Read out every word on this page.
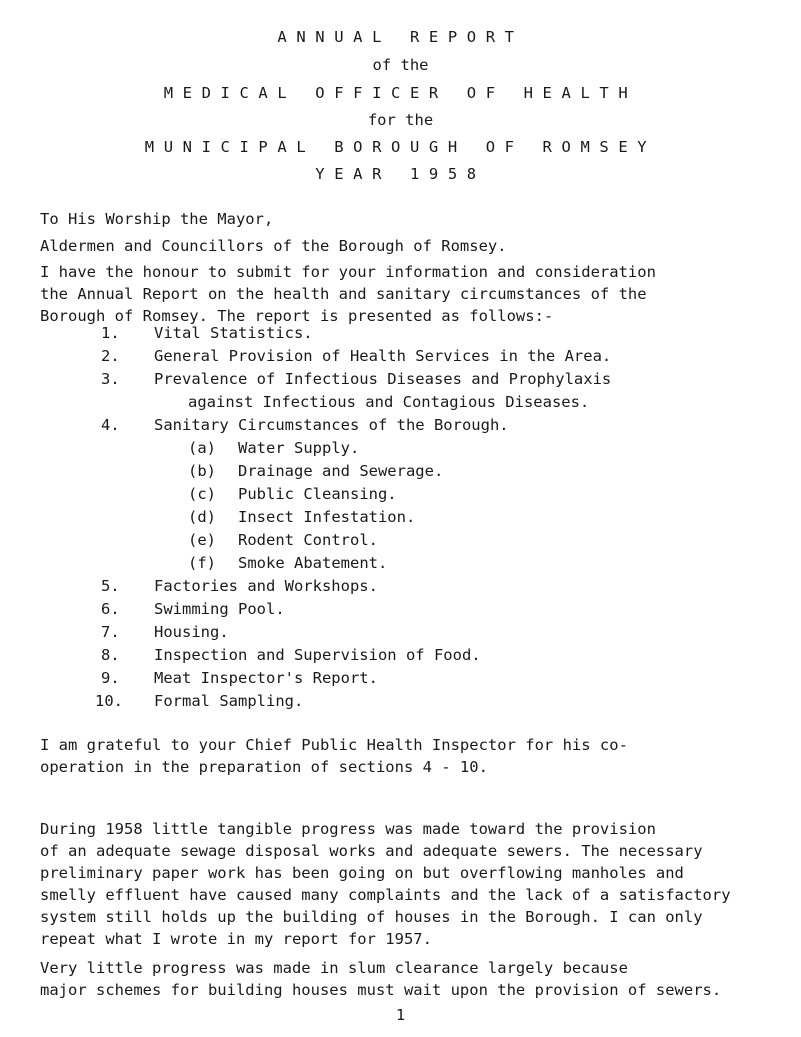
ANNUAL REPORT
of the
MEDICAL OFFICER OF HEALTH
for the
MUNICIPAL BOROUGH OF ROMSEY
YEAR 1958
To His Worship the Mayor,
Aldermen and Councillors of the Borough of Romsey.

I have the honour to submit for your information and consideration
the Annual Report on the health and sanitary circumstances of the
Borough of Romsey. The report is presented as follows:-

1.	Vital Statistics.
2.	General Provision of Health Services in the Area.
3.	Prevalence of Infectious Diseases and Prophylaxis
against Infectious and Contagious Diseases.
4.	Sanitary Circumstances of the Borough.
(a) Water Supply.
(b) Drainage and Sewerage.
(c) Public Cleansing.
(d) Insect Infestation.
(e) Rodent Control.
(f) Smoke Abatement.
5.	Factories and Workshops.
6.	Swimming Pool.
7.	Housing.
8.	Inspection and Supervision of Food.
9.	Meat Inspector's Report.
10.	Formal Sampling.

I am grateful to your Chief Public Health Inspector for his co-
operation in the preparation of sections 4 - 10.

During 1958 little tangible progress was made toward the provision
of an adequate sewage disposal works and adequate sewers. The necessary
preliminary paper work has been going on but overflowing manholes and
smelly effluent have caused many complaints and the lack of a satisfactory
system still holds up the building of houses in the Borough. I can only
repeat what I wrote in my report for 1957.

Very little progress was made in slum clearance largely because
major schemes for building houses must wait upon the provision of sewers.

1
